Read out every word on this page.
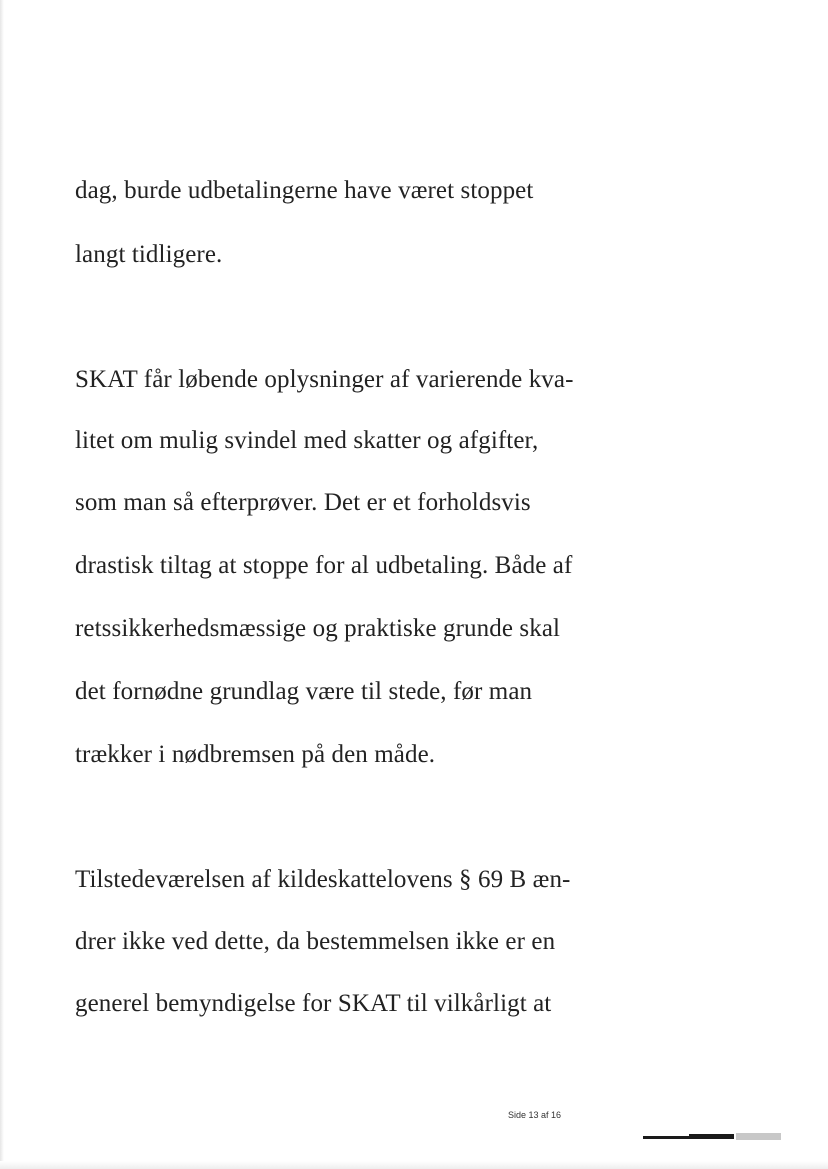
dag, burde udbetalingerne have været stoppet
langt tidligere.
SKAT får løbende oplysninger af varierende kva-
litet om mulig svindel med skatter og afgifter,
som man så efterprøver. Det er et forholdsvis
drastisk tiltag at stoppe for al udbetaling. Både af
retssikkerhedsmæssige og praktiske grunde skal
det fornødne grundlag være til stede, før man
trækker i nødbremsen på den måde.
Tilstedeværelsen af kildeskattelovens § 69 B æn-
drer ikke ved dette, da bestemmelsen ikke er en
generel bemyndigelse for SKAT til vilkårligt at
Side 13 af 16
